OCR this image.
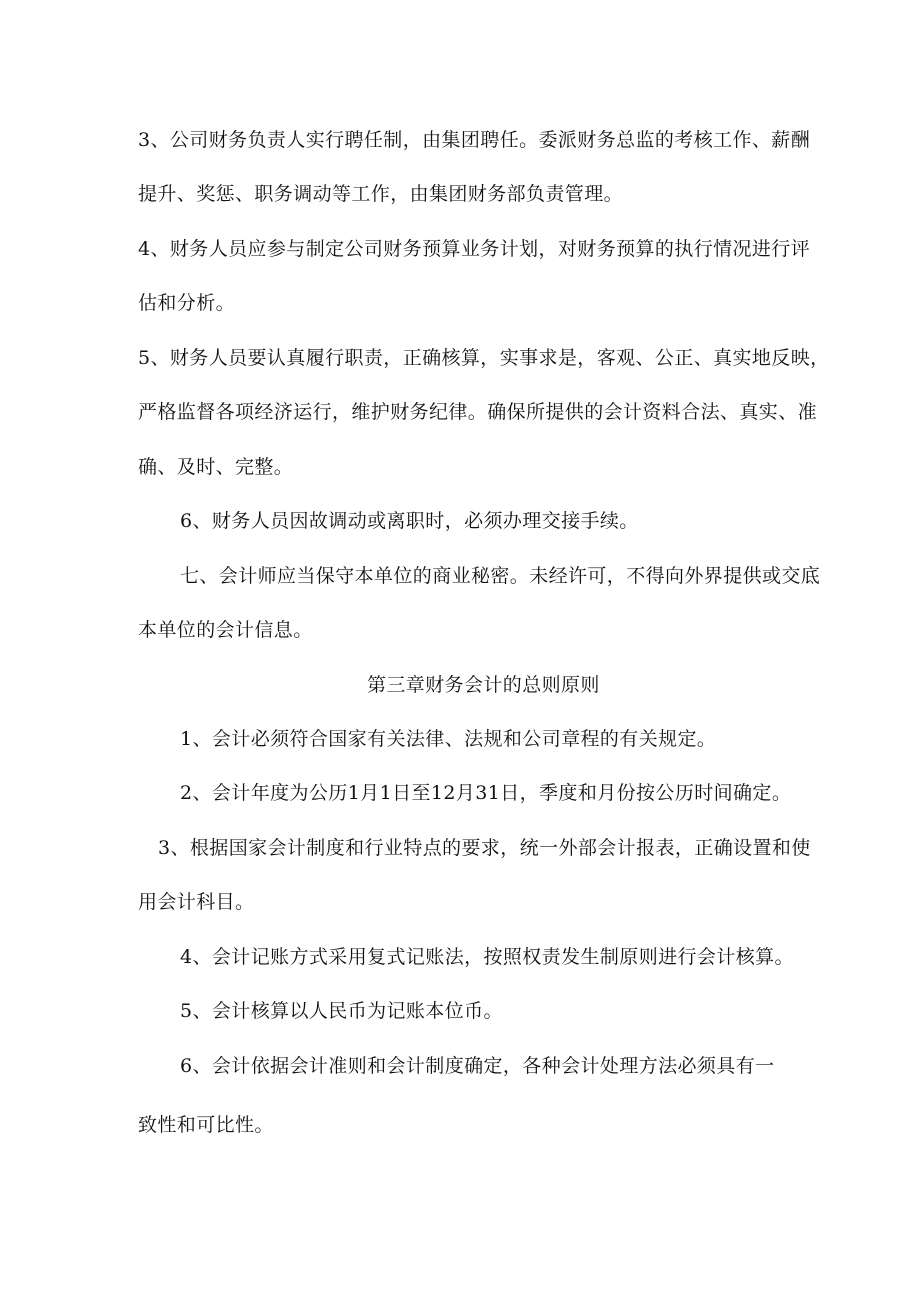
3、公司财务负责人实行聘任制，由集团聘任。委派财务总监的考核工作、薪酬
提升、奖惩、职务调动等工作，由集团财务部负责管理。
4、财务人员应参与制定公司财务预算业务计划，对财务预算的执行情况进行评
估和分析。
5、财务人员要认真履行职责，正确核算，实事求是，客观、公正、真实地反映，
严格监督各项经济运行，维护财务纪律。确保所提供的会计资料合法、真实、准
确、及时、完整。
6、财务人员因故调动或离职时，必须办理交接手续。
七、会计师应当保守本单位的商业秘密。未经许可，不得向外界提供或交底
本单位的会计信息。
第三章财务会计的总则原则
1、会计必须符合国家有关法律、法规和公司章程的有关规定。
2、会计年度为公历1月1日至12月31日，季度和月份按公历时间确定。
3、根据国家会计制度和行业特点的要求，统一外部会计报表，正确设置和使
用会计科目。
4、会计记账方式采用复式记账法，按照权责发生制原则进行会计核算。
5、会计核算以人民币为记账本位币。
6、会计依据会计准则和会计制度确定，各种会计处理方法必须具有一
致性和可比性。
